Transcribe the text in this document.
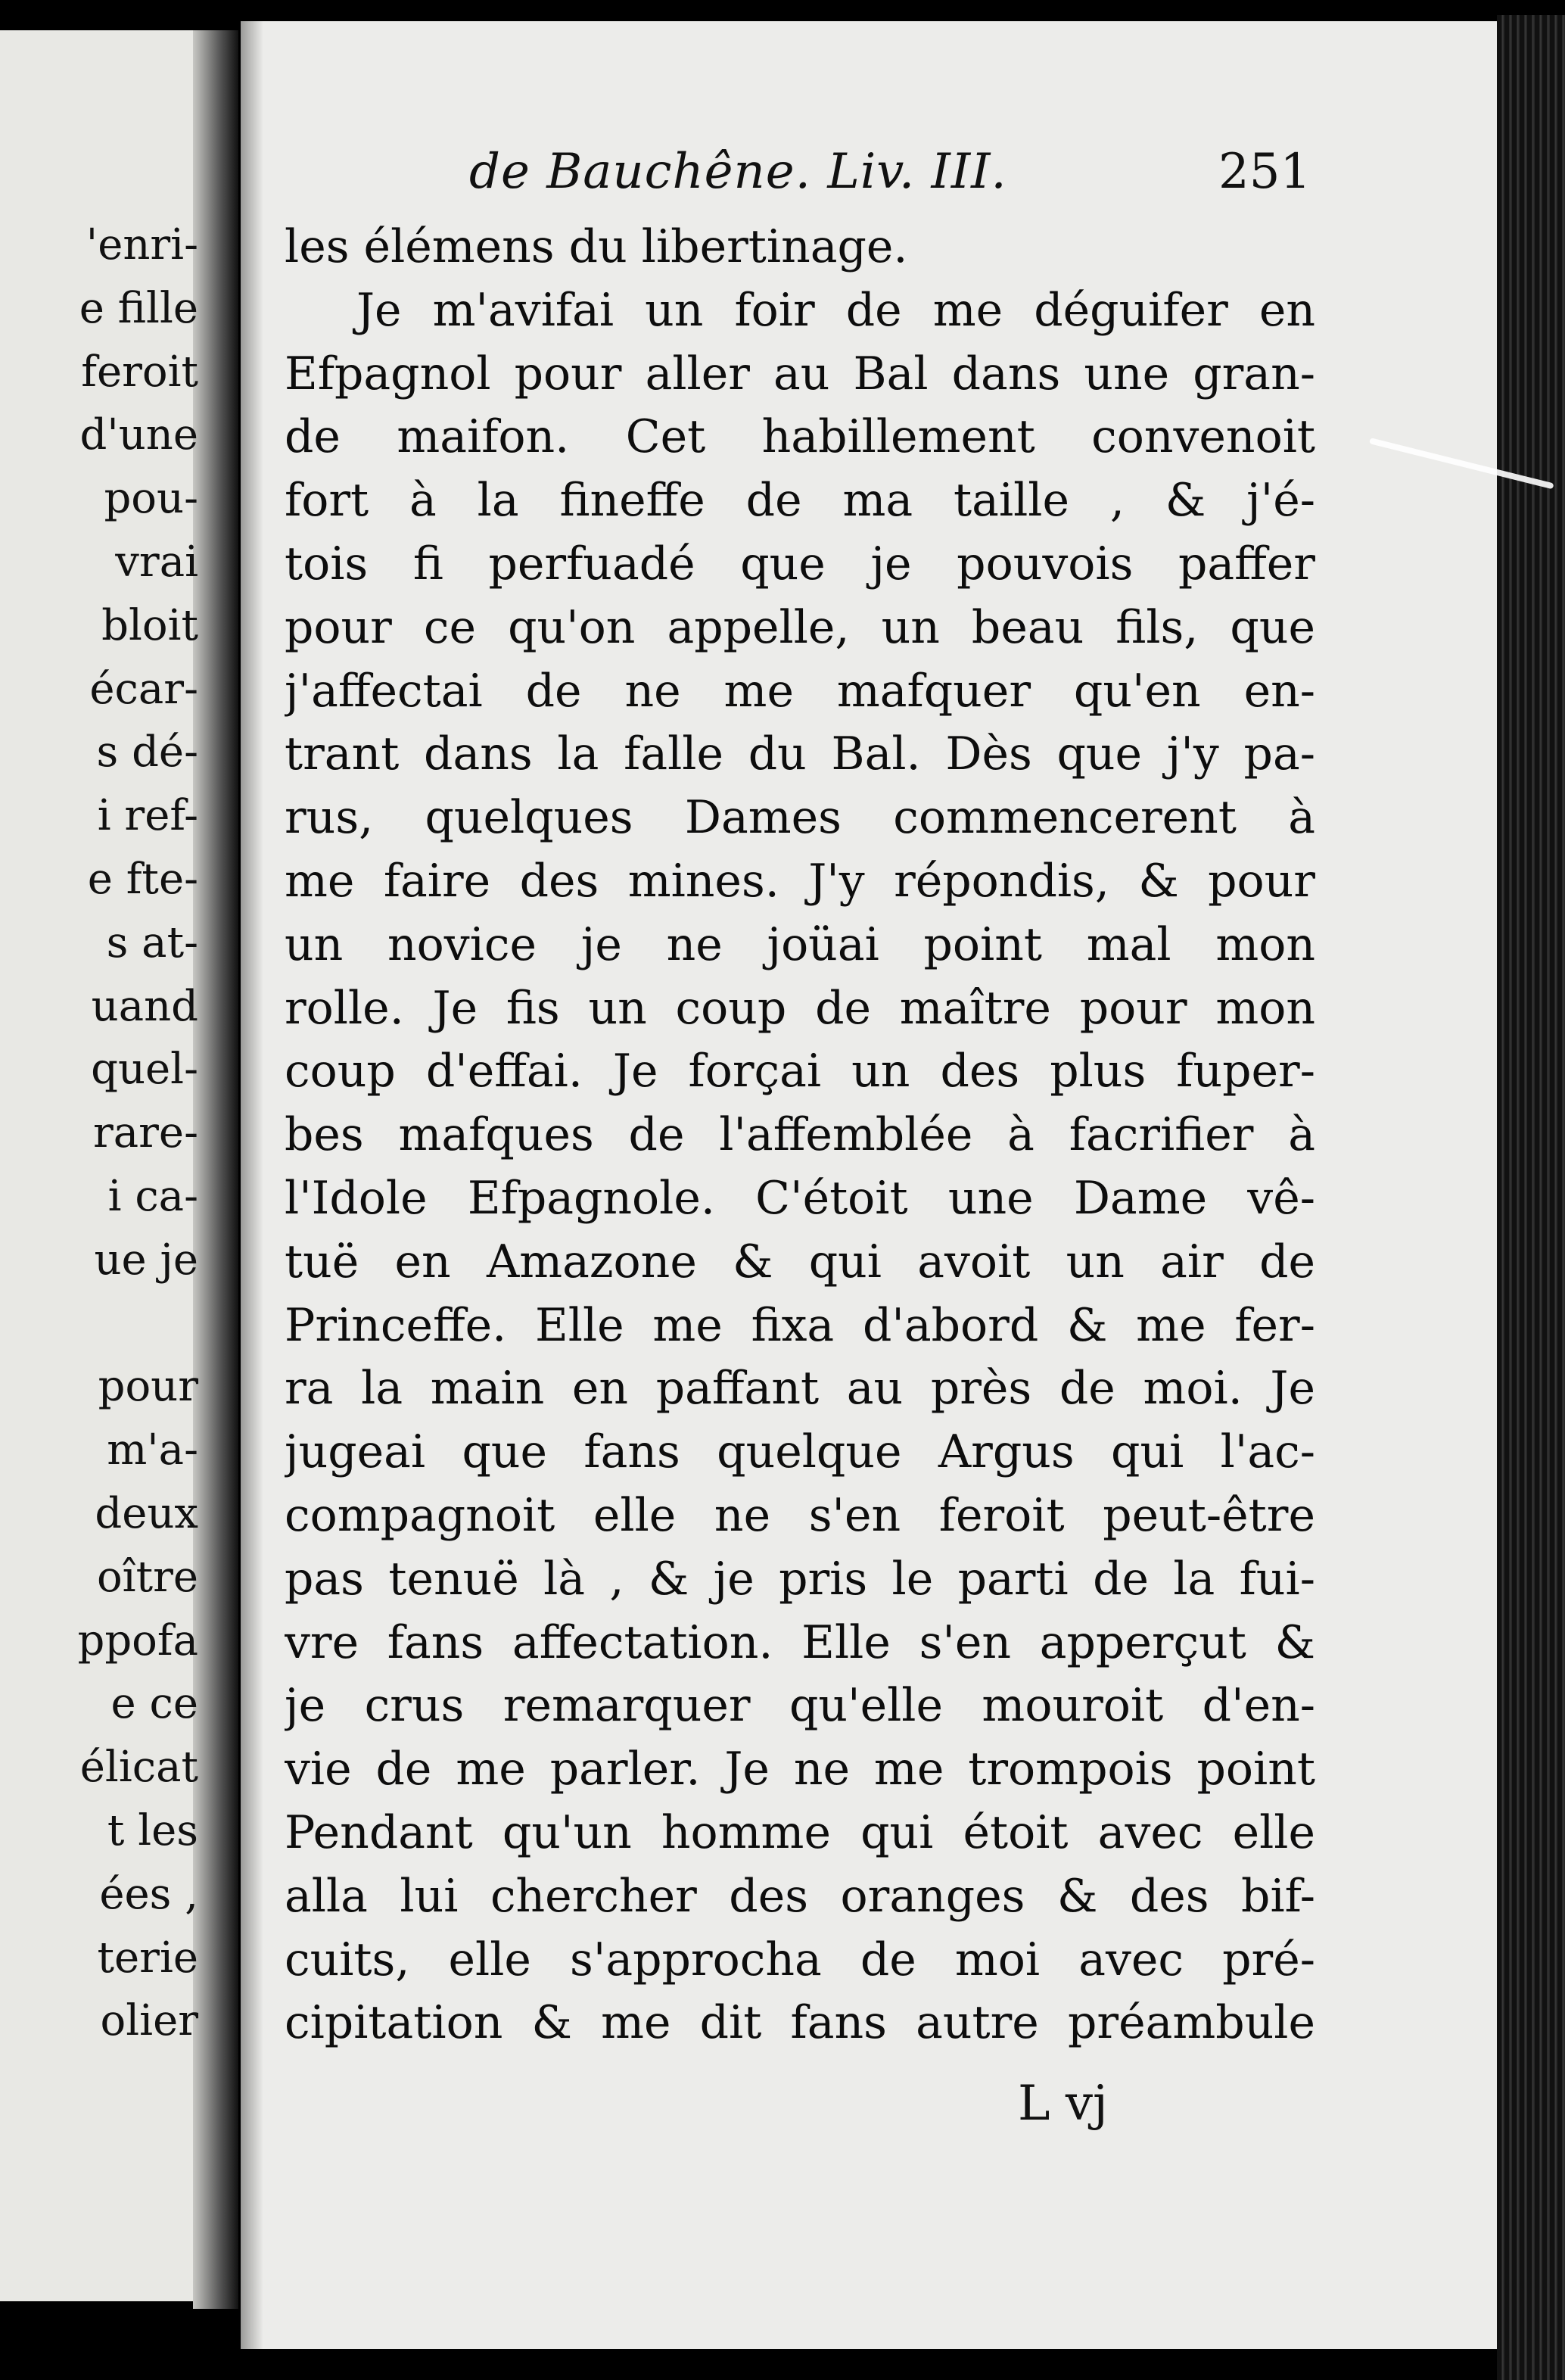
'enri-
e fille
feroit
d'une
pou-
vrai
bloit
écar-
s dé-
i ref-
e fte-
s at-
uand
quel-
rare-
i ca-
ue je
pour
m'a-
deux
oître
ppofa
e ce
élicat
t les
ées ,
terie
olier
de Bauchêne. Liv. III.	251
les élémens du libertinage.
Je m'avifai un foir de me déguifer en
Efpagnol pour aller au Bal dans une gran-
de maifon. Cet habillement convenoit
fort à la fineffe de ma taille , & j'é-
tois fi perfuadé que je pouvois paffer
pour ce qu'on appelle, un beau fils, que
j'affectai de ne me mafquer qu'en en-
trant dans la falle du Bal. Dès que j'y pa-
rus, quelques Dames commencerent à
me faire des mines. J'y répondis, & pour
un novice je ne joüai point mal mon
rolle. Je fis un coup de maître pour mon
coup d'effai. Je forçai un des plus fuper-
bes mafques de l'affemblée à facrifier à
l'Idole Efpagnole. C'étoit une Dame vê-
tuë en Amazone & qui avoit un air de
Princeffe. Elle me fixa d'abord & me fer-
ra la main en paffant au près de moi. Je
jugeai que fans quelque Argus qui l'ac-
compagnoit elle ne s'en feroit peut-être
pas tenuë là , & je pris le parti de la fui-
vre fans affectation. Elle s'en apperçut &
je crus remarquer qu'elle mouroit d'en-
vie de me parler. Je ne me trompois point
Pendant qu'un homme qui étoit avec elle
alla lui chercher des oranges & des bif-
cuits, elle s'approcha de moi avec pré-
cipitation & me dit fans autre préambule
L vj
